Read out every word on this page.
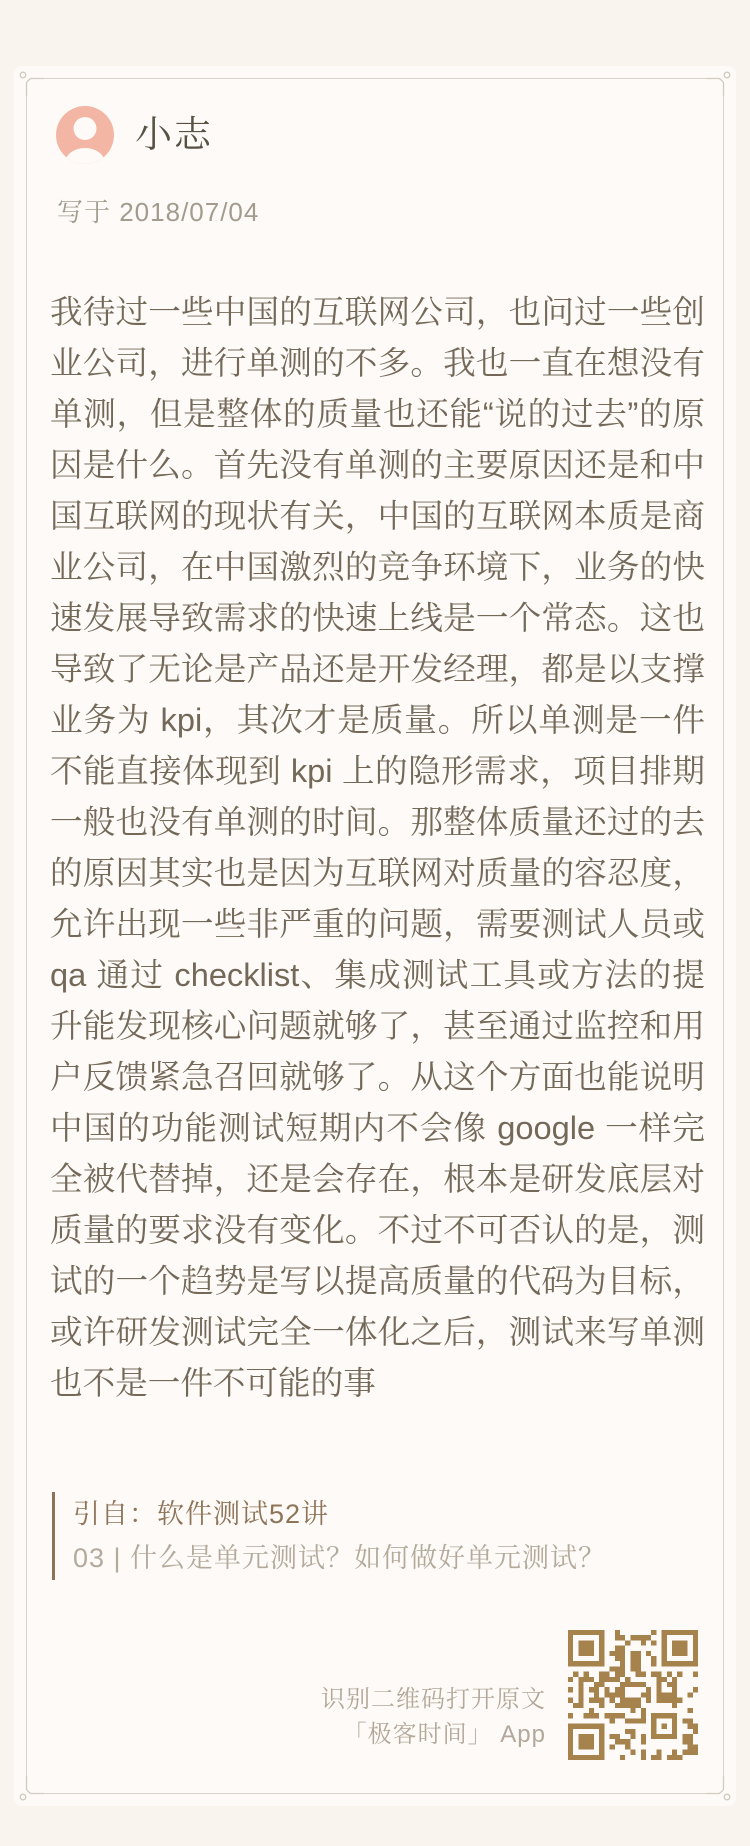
小志
写于 2018/07/04
我待过一些中国的互联网公司，也问过一些创业公司，进行单测的不多。我也一直在想没有单测，但是整体的质量也还能“说的过去”的原因是什么。首先没有单测的主要原因还是和中国互联网的现状有关，中国的互联网本质是商业公司，在中国激烈的竞争环境下，业务的快速发展导致需求的快速上线是一个常态。这也导致了无论是产品还是开发经理，都是以支撑业务为 kpi，其次才是质量。所以单测是一件不能直接体现到 kpi 上的隐形需求，项目排期一般也没有单测的时间。那整体质量还过的去的原因其实也是因为互联网对质量的容忍度，允许出现一些非严重的问题，需要测试人员或 qa 通过 checklist、集成测试工具或方法的提升能发现核心问题就够了，甚至通过监控和用户反馈紧急召回就够了。从这个方面也能说明中国的功能测试短期内不会像 google 一样完全被代替掉，还是会存在，根本是研发底层对质量的要求没有变化。不过不可否认的是，测试的一个趋势是写以提高质量的代码为目标，或许研发测试完全一体化之后，测试来写单测也不是一件不可能的事
引自：软件测试52讲
03 | 什么是单元测试？如何做好单元测试？
识别二维码打开原文
「极客时间」 App
